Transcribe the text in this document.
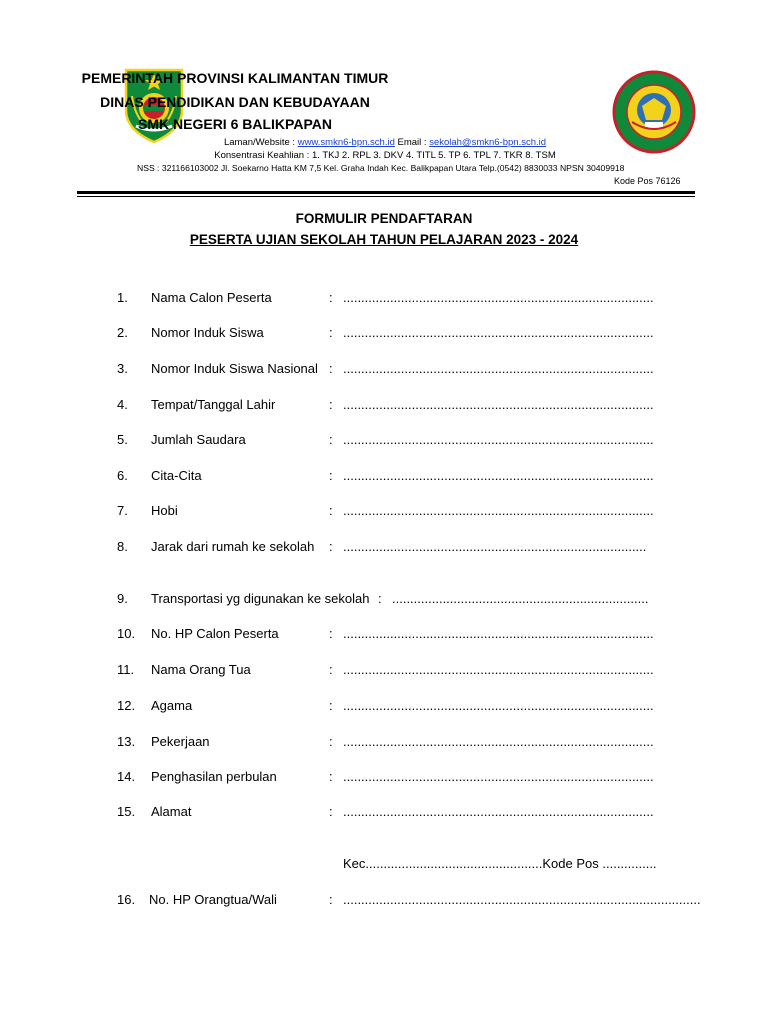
PEMERINTAH PROVINSI KALIMANTAN TIMUR
DINAS PENDIDIKAN DAN KEBUDAYAAN
SMK NEGERI 6 BALIKPAPAN
Laman/Website : www.smkn6-bpn.sch.id Email : sekolah@smkn6-bpn.sch.id
Konsentrasi Keahlian : 1. TKJ 2. RPL 3. DKV 4. TITL 5. TP 6. TPL 7. TKR 8. TSM
NSS : 321166103002 Jl. Soekarno Hatta KM 7,5 Kel. Graha Indah Kec. Balikpapan Utara Telp.(0542) 8830033 NPSN 30409918
Kode Pos 76126
FORMULIR PENDAFTARAN
PESERTA UJIAN SEKOLAH TAHUN PELAJARAN 2023 - 2024
1. Nama Calon Peserta	: ......................................................................................
2. Nomor Induk Siswa	: ......................................................................................
3. Nomor Induk Siswa Nasional : ......................................................................................
4. Tempat/Tanggal Lahir	: ......................................................................................
5. Jumlah Saudara	: ......................................................................................
6. Cita-Cita	: ......................................................................................
7. Hobi	: ......................................................................................
8. Jarak dari rumah ke sekolah : ....................................................................................
9. Transportasi yg digunakan ke sekolah : .......................................................................
10. No. HP Calon Peserta	: ......................................................................................
11. Nama Orang Tua	: ......................................................................................
12. Agama	: ......................................................................................
13. Pekerjaan	: ......................................................................................
14. Penghasilan perbulan	: ......................................................................................
15. Alamat	: ......................................................................................
16. No. HP Orangtua/Wali	: ...................................................................................................
Kec.................................................Kode Pos ...............
